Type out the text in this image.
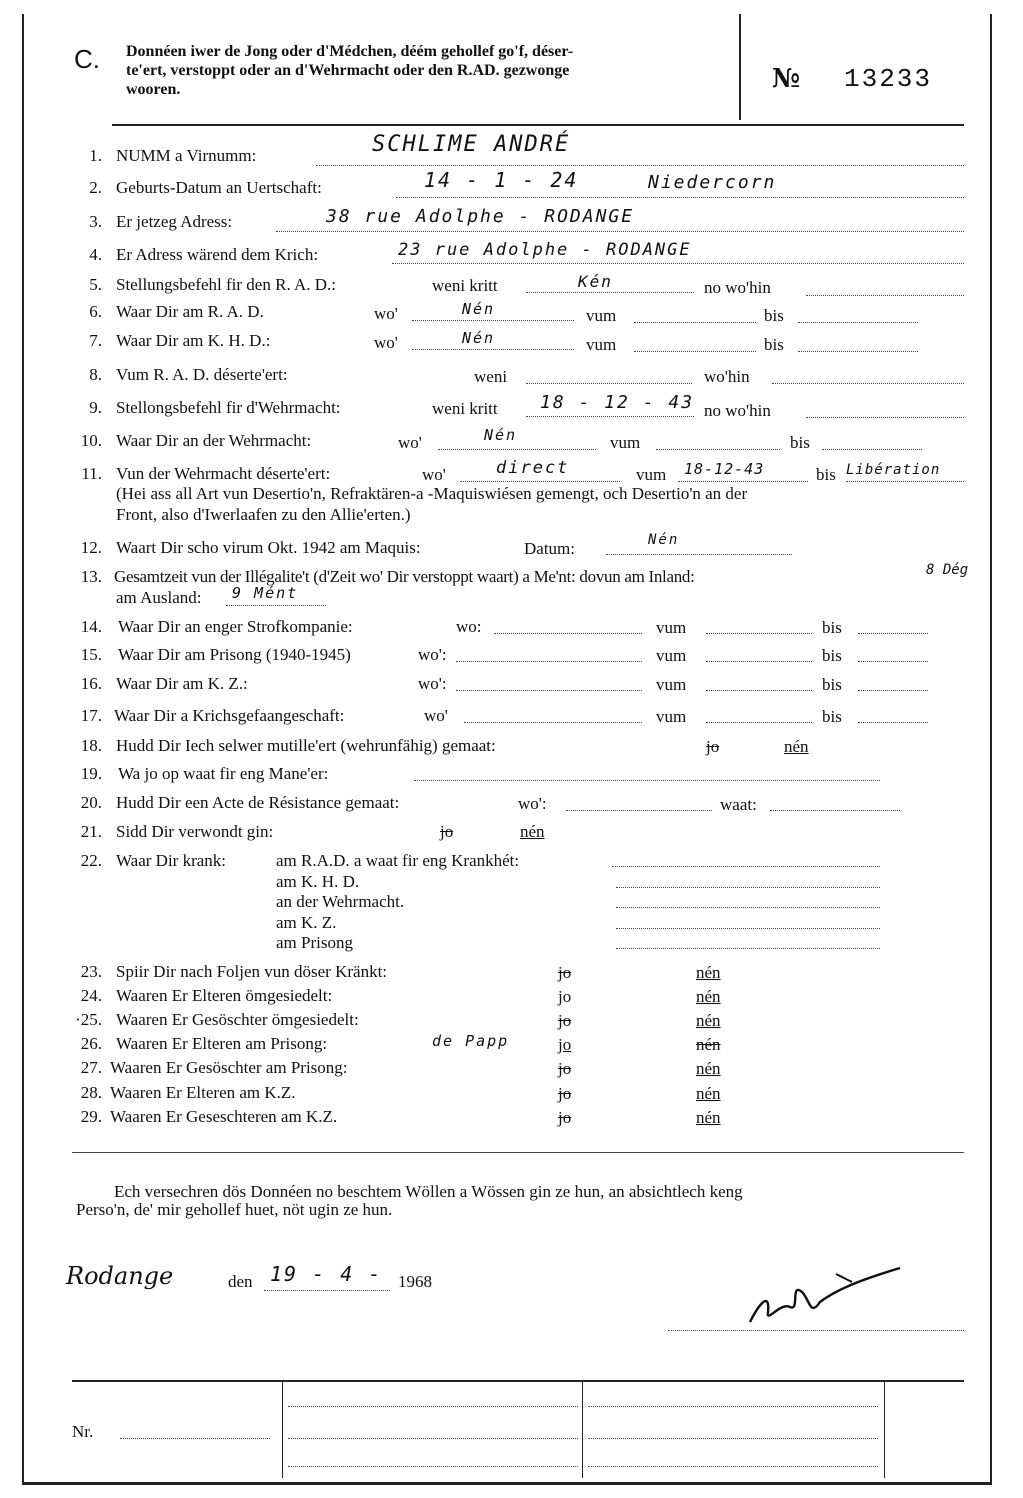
C. Donnéen iwer de Jong oder d'Médchen, déém gehollef go'f, déser-
te'ert, verstoppt oder an d'Wehrmacht oder den R.AD. gezwonge
wooren.	№ 13233
1. NUMM a Virnumm:	SCHLIME ANDRÉ
2. Geburts-Datum an Uertschaft:	14 - 1 - 24	Niedercorn
3. Er jetzeg Adress:	38 rue Adolphe - RODANGE
4. Er Adress wärend dem Krich:	23 rue Adolphe - RODANGE
5. Stellungsbefehl fir den R. A. D.:	weni kritt	Kén	no wo'hin
6. Waar Dir am R. A. D.	wo'	Nén	vum	bis
7. Waar Dir am K. H. D.:	wo'	Nén	vum	bis
8. Vum R. A. D. déserte'ert:	weni	wo'hin
9. Stellongsbefehl fir d'Wehrmacht:	weni kritt 18 - 12 - 43 no wo'hin
10. Waar Dir an der Wehrmacht:	wo'	Nén	vum	bis
11. Vun der Wehrmacht déserte'ert:	wo'	direct	vum 18-12-43	bis Libération
(Hei ass all Art vun Desertio'n, Refraktären-a -Maquiswiésen gemengt, och Desertio'n an der
Front, also d'Iwerlaafen zu den Allie'erten.)
12. Waart Dir scho virum Okt. 1942 am Maquis:	Datum:	Nén
13. Gesamtzeit vun der Illégalite't (d'Zeit wo' Dir verstoppt waart) a Me'nt: dovun am Inland:	8 Dég
am Ausland: 9 Mént
14. Waar Dir an enger Strofkompanie:	wo:	vum	bis
15. Waar Dir am Prisong (1940-1945)	wo':	vum	bis
16. Waar Dir am K. Z.:	wo':	vum	bis
17. Waar Dir a Krichsgefaangeschaft:	wo'	vum	bis
18. Hudd Dir Iech selwer mutille'ert (wehrunfähig) gemaat:	jo	nén
19. Wa jo op waat fir eng Mane'er:
20. Hudd Dir een Acte de Résistance gemaat:	wo':	waat:
21. Sidd Dir verwondt gin:	jo	nén
22. Waar Dir krank:	am R.A.D. a waat fir eng Krankhét:
am K. H. D.
an der Wehrmacht.
am K. Z.
am Prisong
23. Spiir Dir nach Foljen vun döser Kränkt:	jo	nén
24. Waaren Er Elteren ömgesiedelt:	jo	nén
·25. Waaren Er Gesöschter ömgesiedelt:	jo	nén
26. Waaren Er Elteren am Prisong:	de Papp	jo	nén
27. Waaren Er Gesöschter am Prisong:	jo	nén
28. Waaren Er Elteren am K.Z.	jo	nén
29. Waaren Er Geseschteren am K.Z.	jo	nén
Ech versechren dös Donnéen no beschtem Wöllen a Wössen gin ze hun, an absichtlech keng
Perso'n, de' mir gehollef huet, nöt ugin ze hun.
Rodange	den 19 - 4 - 1968
Nr.
